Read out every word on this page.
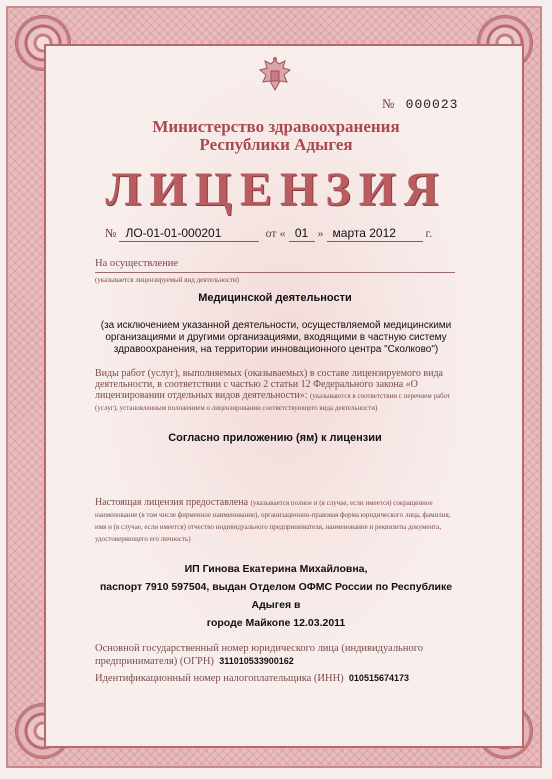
№ 000023
Министерство здравоохранения
Республики Адыгея
ЛИЦЕНЗИЯ
№ ЛО-01-01-000201	от « 01 » марта 2012 г.
На осуществление
(указывается лицензируемый вид деятельности)
Медицинской деятельности
(за исключением указанной деятельности, осуществляемой медицинскими организациями и другими организациями, входящими в частную систему здравоохранения, на территории инновационного центра "Сколково")
Виды работ (услуг), выполняемых (оказываемых) в составе лицензируемого вида деятельности, в соответствии с частью 2 статьи 12 Федерального закона «О лицензировании отдельных видов деятельности»: (указываются в соответствии с перечнем работ (услуг), установленным положением о лицензировании соответствующего вида деятельности)
Согласно приложению (ям) к лицензии
Настоящая лицензия предоставлена (указывается полное и (в случае, если имеется) сокращенное наименование (в том числе фирменное наименование), организационно-правовая форма юридического лица, фамилия, имя и (в случае, если имеется) отчество индивидуального предпринимателя, наименование и реквизиты документа, удостоверяющего его личность)
ИП Гинова Екатерина Михайловна,
паспорт 7910 597504, выдан Отделом ОФМС России по Республике Адыгея в
городе Майкопе 12.03.2011
Основной государственный номер юридического лица (индивидуального предпринимателя) (ОГРН) 311010533900162
Идентификационный номер налогоплательщика (ИНН) 010515674173
